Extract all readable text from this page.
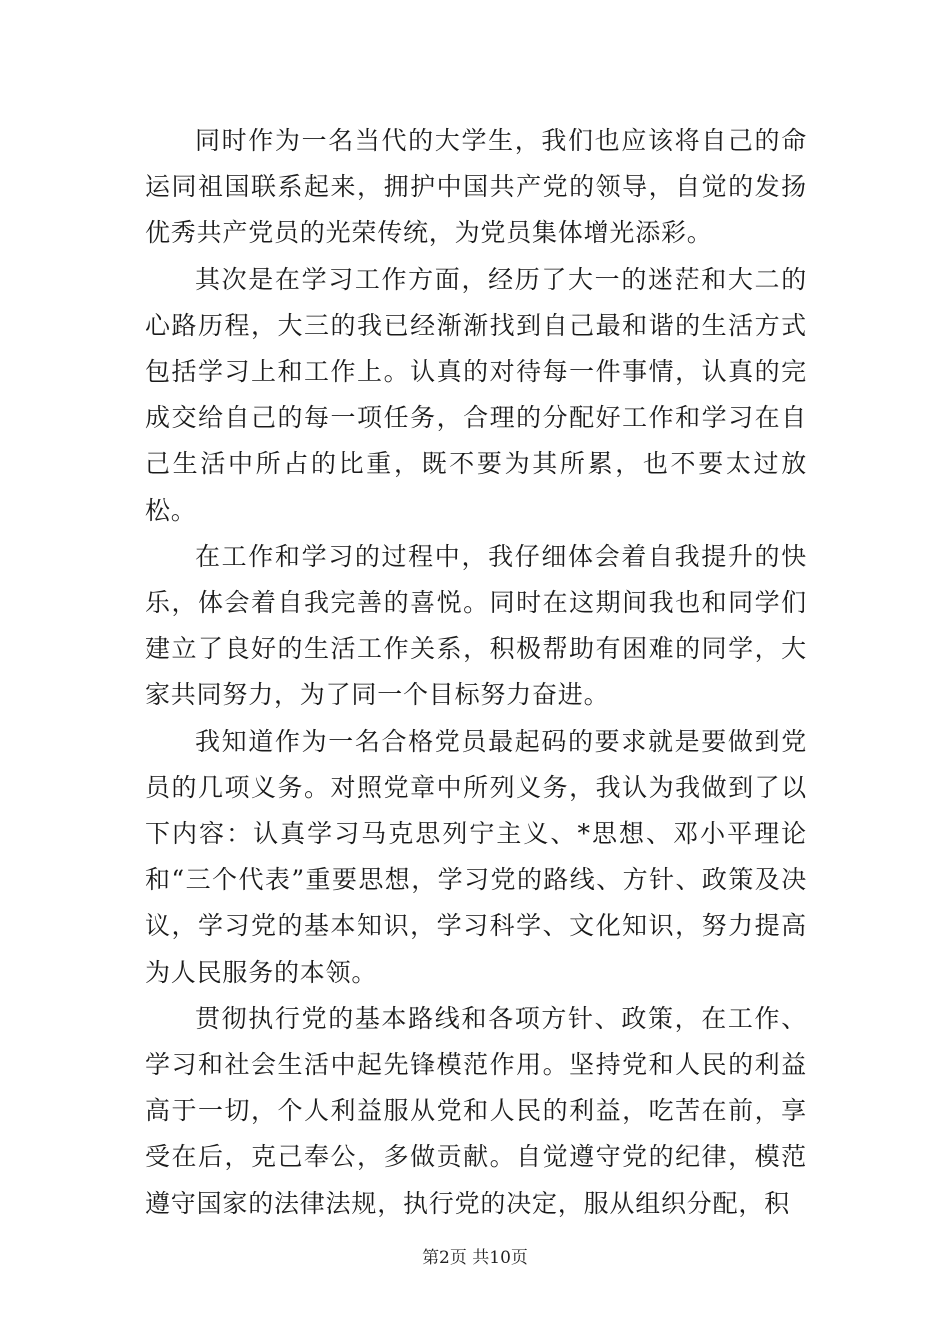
同时作为一名当代的大学生，我们也应该将自己的命运同祖国联系起来，拥护中国共产党的领导，自觉的发扬优秀共产党员的光荣传统，为党员集体增光添彩。

其次是在学习工作方面，经历了大一的迷茫和大二的心路历程，大三的我已经渐渐找到自己最和谐的生活方式包括学习上和工作上。认真的对待每一件事情，认真的完成交给自己的每一项任务，合理的分配好工作和学习在自己生活中所占的比重，既不要为其所累，也不要太过放松。

在工作和学习的过程中，我仔细体会着自我提升的快乐，体会着自我完善的喜悦。同时在这期间我也和同学们建立了良好的生活工作关系，积极帮助有困难的同学，大家共同努力，为了同一个目标努力奋进。

我知道作为一名合格党员最起码的要求就是要做到党员的几项义务。对照党章中所列义务，我认为我做到了以下内容：认真学习马克思列宁主义、*思想、邓小平理论和“三个代表”重要思想，学习党的路线、方针、政策及决议，学习党的基本知识，学习科学、文化知识，努力提高为人民服务的本领。

贯彻执行党的基本路线和各项方针、政策，在工作、学习和社会生活中起先锋模范作用。坚持党和人民的利益高于一切，个人利益服从党和人民的利益，吃苦在前，享受在后，克己奉公，多做贡献。自觉遵守党的纪律，模范遵守国家的法律法规，执行党的决定，服从组织分配，积

第2页 共10页
